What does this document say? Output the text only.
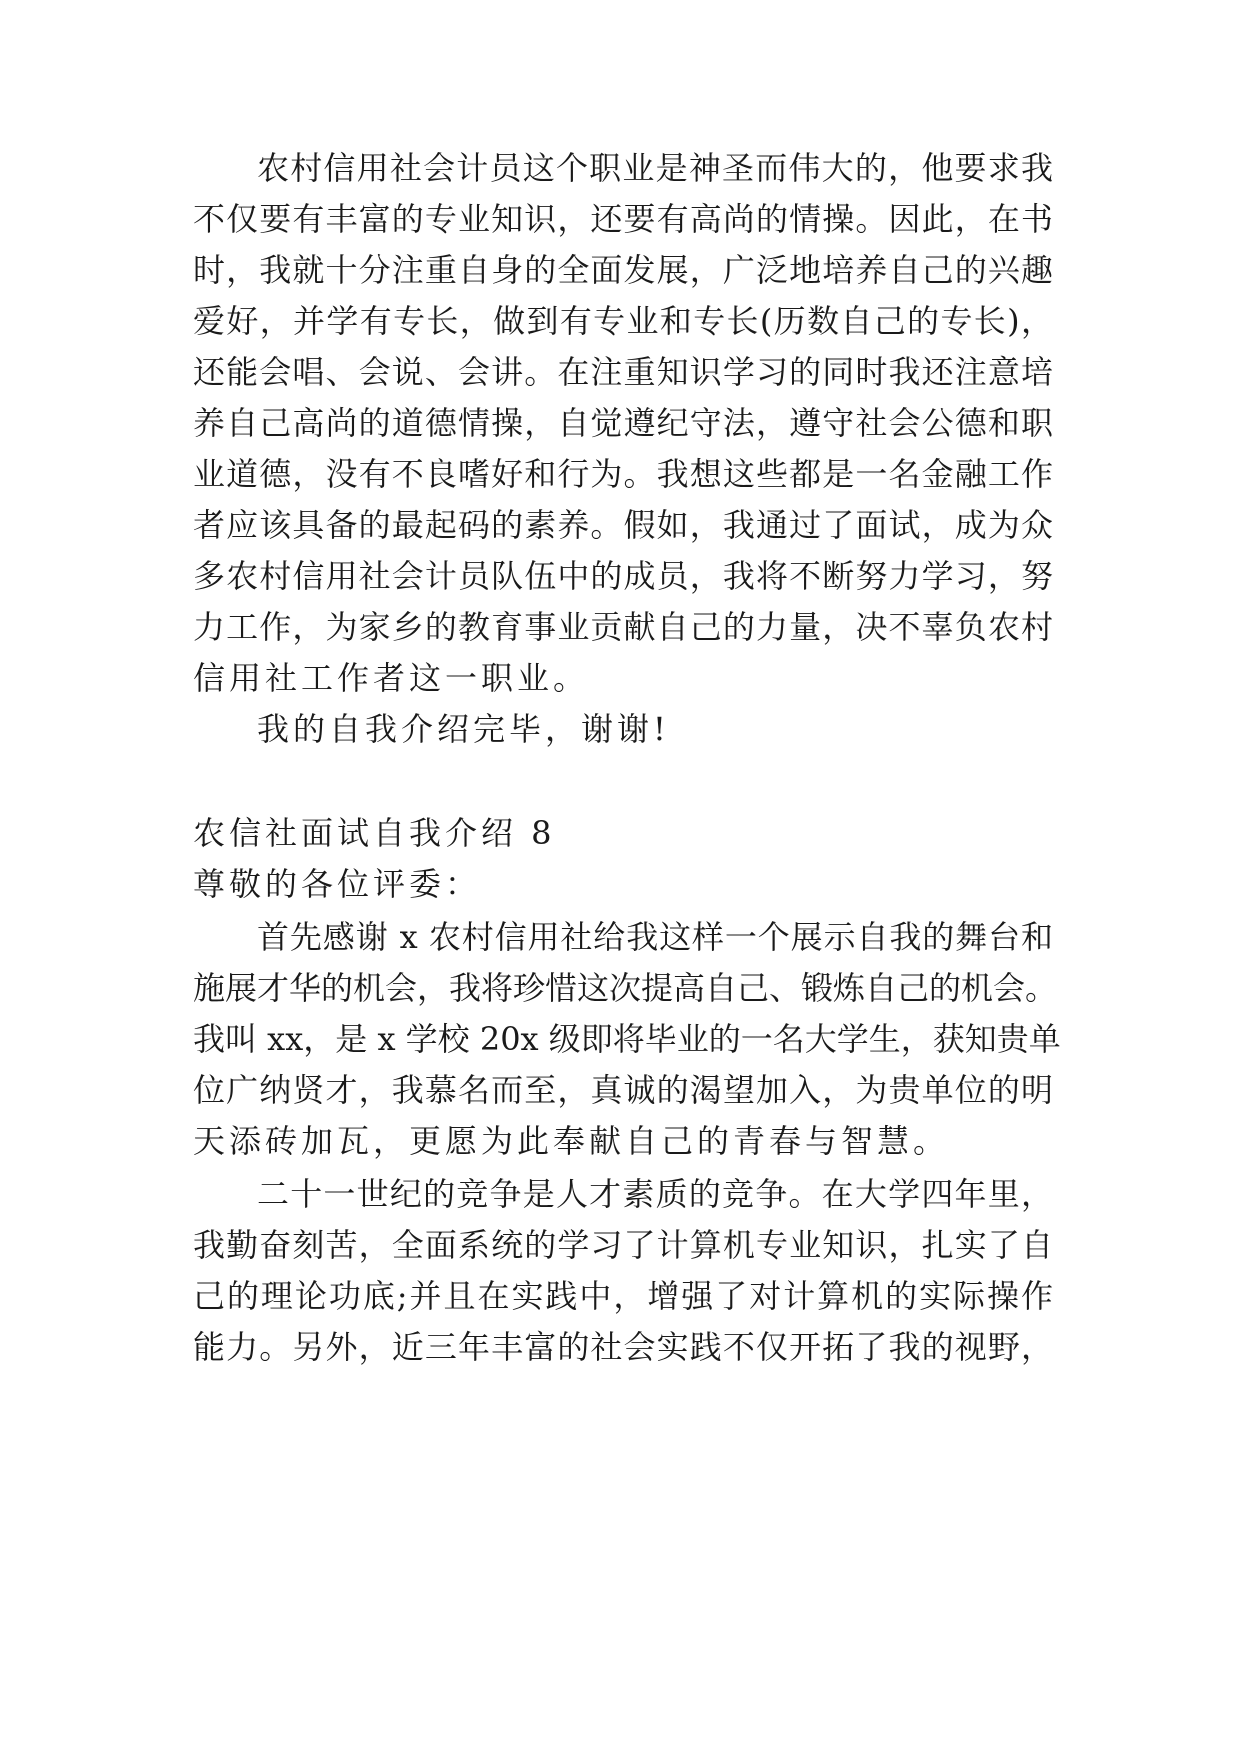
农村信用社会计员这个职业是神圣而伟大的，他要求我
不仅要有丰富的专业知识，还要有高尚的情操。因此，在书
时，我就十分注重自身的全面发展，广泛地培养自己的兴趣
爱好，并学有专长，做到有专业和专长(历数自己的专长)，
还能会唱、会说、会讲。在注重知识学习的同时我还注意培
养自己高尚的道德情操，自觉遵纪守法，遵守社会公德和职
业道德，没有不良嗜好和行为。我想这些都是一名金融工作
者应该具备的最起码的素养。假如，我通过了面试，成为众
多农村信用社会计员队伍中的成员，我将不断努力学习，努
力工作，为家乡的教育事业贡献自己的力量，决不辜负农村
信用社工作者这一职业。
我的自我介绍完毕，谢谢!
农信社面试自我介绍 8
尊敬的各位评委：
首先感谢 x 农村信用社给我这样一个展示自我的舞台和
施展才华的机会，我将珍惜这次提高自己、锻炼自己的机会。
我叫 xx，是 x 学校 20x 级即将毕业的一名大学生，获知贵单
位广纳贤才，我慕名而至，真诚的渴望加入，为贵单位的明
天添砖加瓦，更愿为此奉献自己的青春与智慧。
二十一世纪的竞争是人才素质的竞争。在大学四年里，
我勤奋刻苦，全面系统的学习了计算机专业知识，扎实了自
己的理论功底;并且在实践中，增强了对计算机的实际操作
能力。另外，近三年丰富的社会实践不仅开拓了我的视野，
